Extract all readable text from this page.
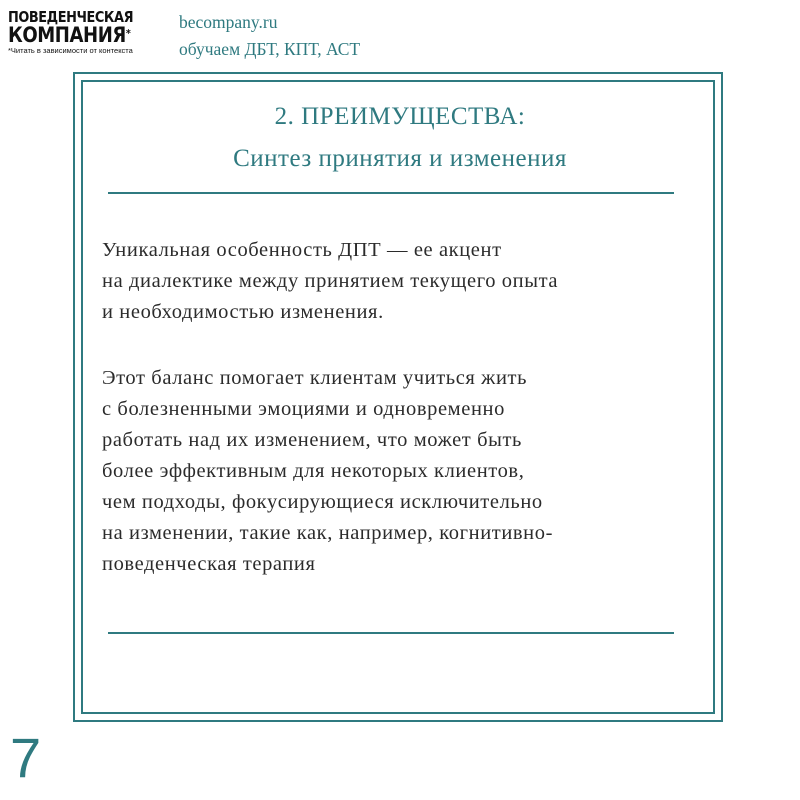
ПОВЕДЕНЧЕСКАЯ
КОМПАНИЯ*
*Читать в зависимости от контекста
becompany.ru
обучаем ДБТ, КПТ, АСТ
2. ПРЕИМУЩЕСТВА:
Синтез принятия и изменения
Уникальная особенность ДПТ — ее акцент
на диалектике между принятием текущего опыта
и необходимостью изменения.
Этот баланс помогает клиентам учиться жить
с болезненными эмоциями и одновременно
работать над их изменением, что может быть
более эффективным для некоторых клиентов,
чем подходы, фокусирующиеся исключительно
на изменении, такие как, например, когнитивно-
поведенческая терапия
7
